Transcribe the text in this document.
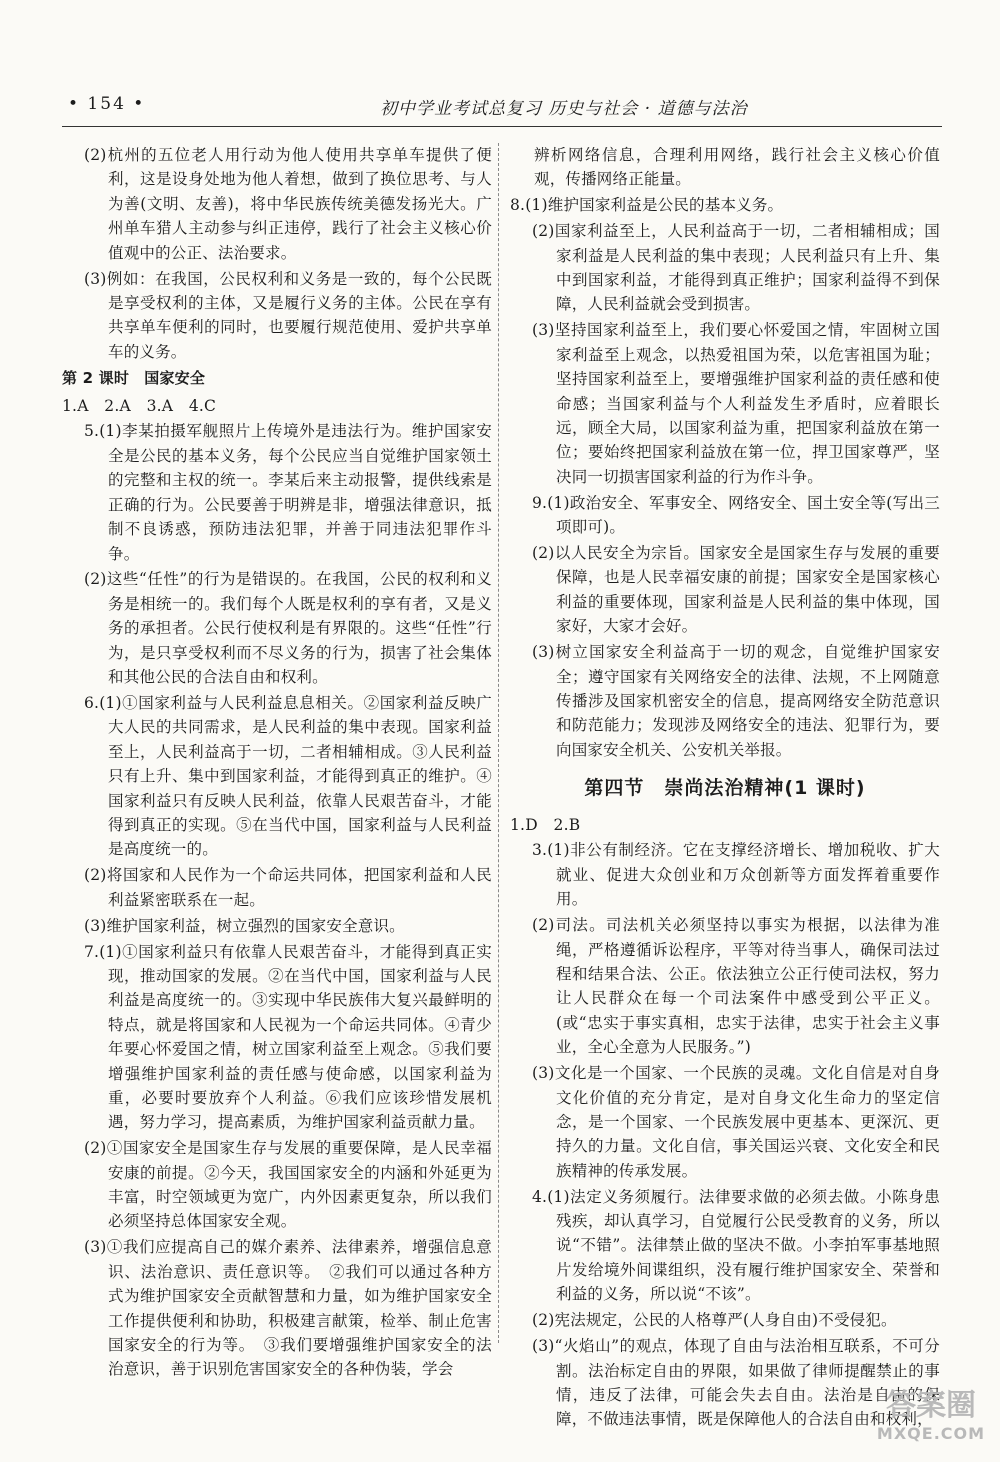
• 154 •	初中学业考试总复习 历史与社会 · 道德与法治

(2)杭州的五位老人用行动为他人使用共享单车提供了便利，这是设身处地为他人着想，做到了换位思考、与人为善(文明、友善)，将中华民族传统美德发扬光大。广州单车猎人主动参与纠正违停，践行了社会主义核心价值观中的公正、法治要求。

(3)例如：在我国，公民权利和义务是一致的，每个公民既是享受权利的主体，又是履行义务的主体。公民在享有共享单车便利的同时，也要履行规范使用、爱护共享单车的义务。

第 2 课时　国家安全

1.A　2.A　3.A　4.C

5.(1)李某拍摄军舰照片上传境外是违法行为。维护国家安全是公民的基本义务，每个公民应当自觉维护国家领土的完整和主权的统一。李某后来主动报警，提供线索是正确的行为。公民要善于明辨是非，增强法律意识，抵制不良诱惑，预防违法犯罪，并善于同违法犯罪作斗争。

(2)这些“任性”的行为是错误的。在我国，公民的权利和义务是相统一的。我们每个人既是权利的享有者，又是义务的承担者。公民行使权利是有界限的。这些“任性”行为，是只享受权利而不尽义务的行为，损害了社会集体和其他公民的合法自由和权利。

6.(1)①国家利益与人民利益息息相关。②国家利益反映广大人民的共同需求，是人民利益的集中表现。国家利益至上，人民利益高于一切，二者相辅相成。③人民利益只有上升、集中到国家利益，才能得到真正的维护。④国家利益只有反映人民利益，依靠人民艰苦奋斗，才能得到真正的实现。⑤在当代中国，国家利益与人民利益是高度统一的。

(2)将国家和人民作为一个命运共同体，把国家利益和人民利益紧密联系在一起。

(3)维护国家利益，树立强烈的国家安全意识。

7.(1)①国家利益只有依靠人民艰苦奋斗，才能得到真正实现，推动国家的发展。②在当代中国，国家利益与人民利益是高度统一的。③实现中华民族伟大复兴最鲜明的特点，就是将国家和人民视为一个命运共同体。④青少年要心怀爱国之情，树立国家利益至上观念。⑤我们要增强维护国家利益的责任感与使命感，以国家利益为重，必要时要放弃个人利益。⑥我们应该珍惜发展机遇，努力学习，提高素质，为维护国家利益贡献力量。

(2)①国家安全是国家生存与发展的重要保障，是人民幸福安康的前提。②今天，我国国家安全的内涵和外延更为丰富，时空领域更为宽广，内外因素更复杂，所以我们必须坚持总体国家安全观。

(3)①我们应提高自己的媒介素养、法律素养，增强信息意识、法治意识、责任意识等。　②我们可以通过各种方式为维护国家安全贡献智慧和力量，如为维护国家安全工作提供便利和协助，积极建言献策，检举、制止危害国家安全的行为等。　③我们要增强维护国家安全的法治意识，善于识别危害国家安全的各种伪装，学会

辨析网络信息，合理利用网络，践行社会主义核心价值观，传播网络正能量。

8.(1)维护国家利益是公民的基本义务。

(2)国家利益至上，人民利益高于一切，二者相辅相成；国家利益是人民利益的集中表现；人民利益只有上升、集中到国家利益，才能得到真正维护；国家利益得不到保障，人民利益就会受到损害。

(3)坚持国家利益至上，我们要心怀爱国之情，牢固树立国家利益至上观念，以热爱祖国为荣，以危害祖国为耻；坚持国家利益至上，要增强维护国家利益的责任感和使命感；当国家利益与个人利益发生矛盾时，应着眼长远，顾全大局，以国家利益为重，把国家利益放在第一位；要始终把国家利益放在第一位，捍卫国家尊严，坚决同一切损害国家利益的行为作斗争。

9.(1)政治安全、军事安全、网络安全、国土安全等(写出三项即可)。

(2)以人民安全为宗旨。国家安全是国家生存与发展的重要保障，也是人民幸福安康的前提；国家安全是国家核心利益的重要体现，国家利益是人民利益的集中体现，国家好，大家才会好。

(3)树立国家安全利益高于一切的观念，自觉维护国家安全；遵守国家有关网络安全的法律、法规，不上网随意传播涉及国家机密安全的信息，提高网络安全防范意识和防范能力；发现涉及网络安全的违法、犯罪行为，要向国家安全机关、公安机关举报。

第四节　崇尚法治精神(1 课时)

1.D　2.B

3.(1)非公有制经济。它在支撑经济增长、增加税收、扩大就业、促进大众创业和万众创新等方面发挥着重要作用。

(2)司法。司法机关必须坚持以事实为根据，以法律为准绳，严格遵循诉讼程序，平等对待当事人，确保司法过程和结果合法、公正。依法独立公正行使司法权，努力让人民群众在每一个司法案件中感受到公平正义。(或“忠实于事实真相，忠实于法律，忠实于社会主义事业，全心全意为人民服务。”)

(3)文化是一个国家、一个民族的灵魂。文化自信是对自身文化价值的充分肯定，是对自身文化生命力的坚定信念，是一个国家、一个民族发展中更基本、更深沉、更持久的力量。文化自信，事关国运兴衰、文化安全和民族精神的传承发展。

4.(1)法定义务须履行。法律要求做的必须去做。小陈身患残疾，却认真学习，自觉履行公民受教育的义务，所以说“不错”。法律禁止做的坚决不做。小李拍军事基地照片发给境外间谍组织，没有履行维护国家安全、荣誉和利益的义务，所以说“不该”。

(2)宪法规定，公民的人格尊严(人身自由)不受侵犯。

(3)“火焰山”的观点，体现了自由与法治相互联系，不可分割。法治标定自由的界限，如果做了律师提醒禁止的事情，违反了法律，可能会失去自由。法治是自由的保障，不做违法事情，既是保障他人的合法自由和权利，

答案圈
MXQE.COM
